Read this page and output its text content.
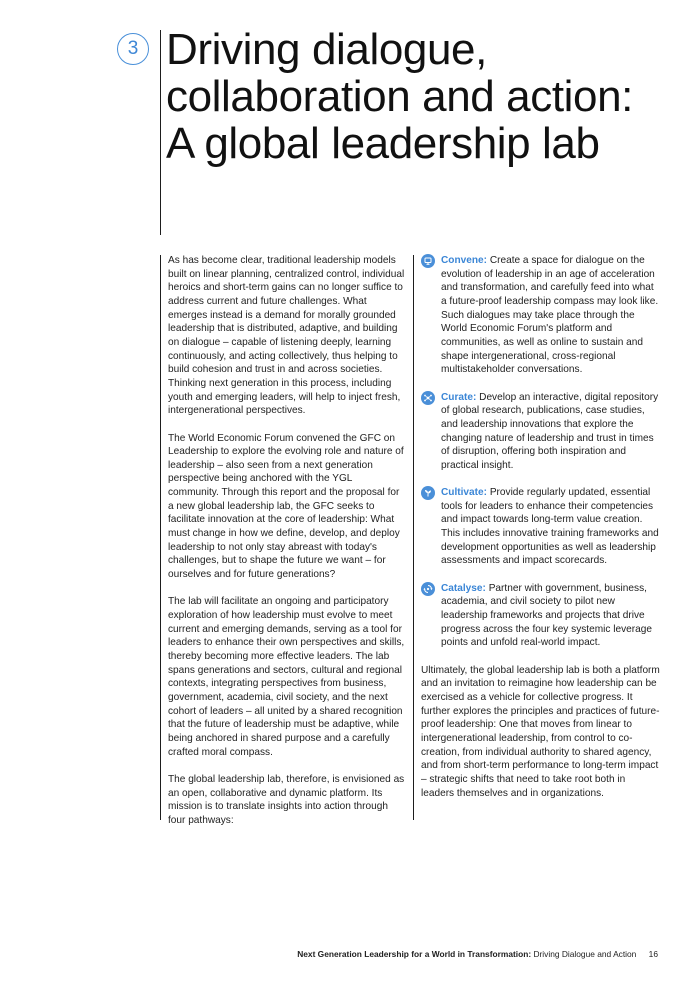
3 Driving dialogue, collaboration and action: A global leadership lab

As has become clear, traditional leadership models built on linear planning, centralized control, individual heroics and short-term gains can no longer suffice to address current and future challenges. What emerges instead is a demand for morally grounded leadership that is distributed, adaptive, and building on dialogue – capable of listening deeply, learning continuously, and acting collectively, thus helping to build cohesion and trust in and across societies. Thinking next generation in this process, including youth and emerging leaders, will help to inject fresh, intergenerational perspectives.

The World Economic Forum convened the GFC on Leadership to explore the evolving role and nature of leadership – also seen from a next generation perspective being anchored with the YGL community. Through this report and the proposal for a new global leadership lab, the GFC seeks to facilitate innovation at the core of leadership: What must change in how we define, develop, and deploy leadership to not only stay abreast with today's challenges, but to shape the future we want – for ourselves and for future generations?

The lab will facilitate an ongoing and participatory exploration of how leadership must evolve to meet current and emerging demands, serving as a tool for leaders to enhance their own perspectives and skills, thereby becoming more effective leaders. The lab spans generations and sectors, cultural and regional contexts, integrating perspectives from business, government, academia, civil society, and the next cohort of leaders – all united by a shared recognition that the future of leadership must be adaptive, while being anchored in shared purpose and a carefully crafted moral compass.

The global leadership lab, therefore, is envisioned as an open, collaborative and dynamic platform. Its mission is to translate insights into action through four pathways:

Convene: Create a space for dialogue on the evolution of leadership in an age of acceleration and transformation, and carefully feed into what a future-proof leadership compass may look like. Such dialogues may take place through the World Economic Forum's platform and communities, as well as online to sustain and shape intergenerational, cross-regional multistakeholder conversations.
Curate: Develop an interactive, digital repository of global research, publications, case studies, and leadership innovations that explore the changing nature of leadership and trust in times of disruption, offering both inspiration and practical insight.
Cultivate: Provide regularly updated, essential tools for leaders to enhance their competencies and impact towards long-term value creation. This includes innovative training frameworks and development opportunities as well as leadership assessments and impact scorecards.
Catalyse: Partner with government, business, academia, and civil society to pilot new leadership frameworks and projects that drive progress across the four key systemic leverage points and unfold real-world impact.

Ultimately, the global leadership lab is both a platform and an invitation to reimagine how leadership can be exercised as a vehicle for collective progress. It further explores the principles and practices of future-proof leadership: One that moves from linear to intergenerational leadership, from control to co-creation, from individual authority to shared agency, and from short-term performance to long-term impact – strategic shifts that need to take root both in leaders themselves and in organizations.

Next Generation Leadership for a World in Transformation: Driving Dialogue and Action 16
